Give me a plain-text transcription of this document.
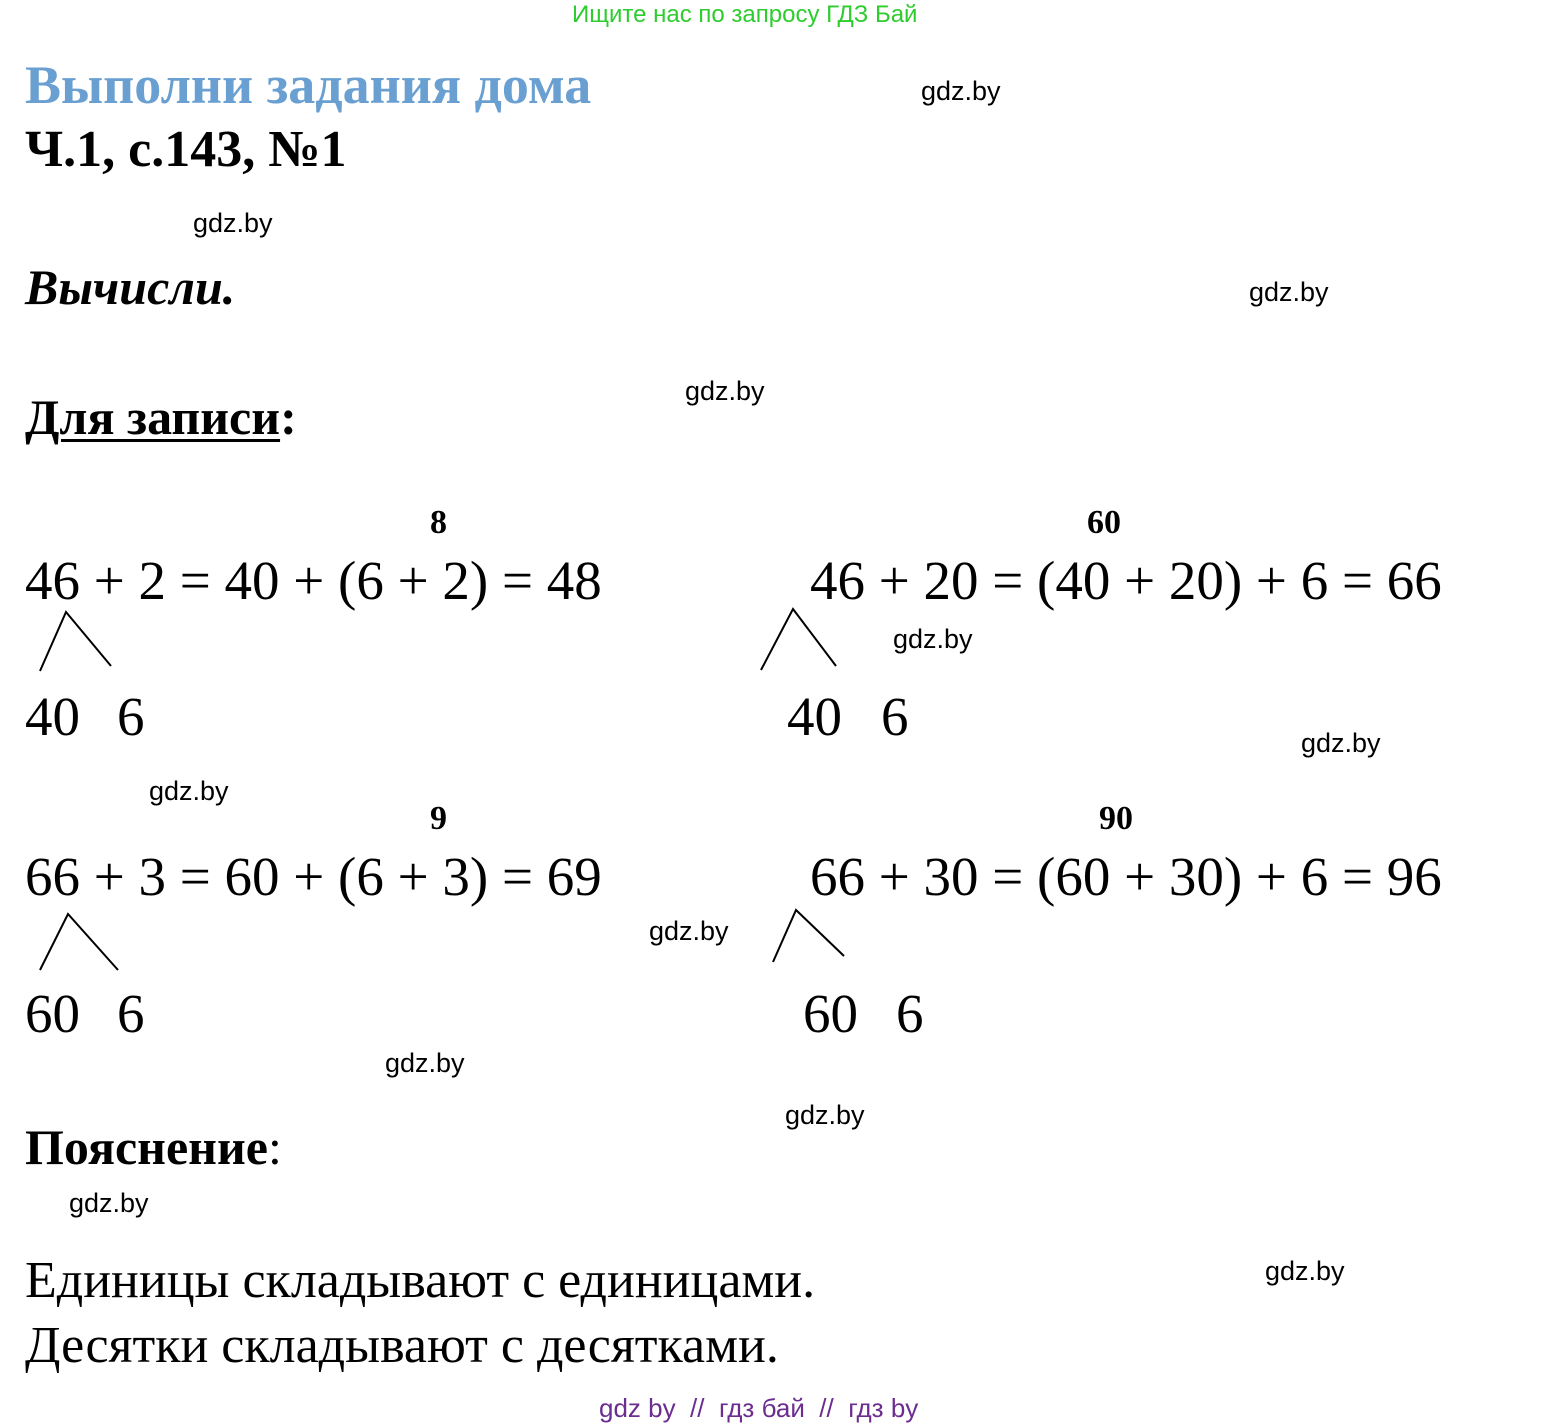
Ищите нас по запросу ГДЗ Бай
Выполни задания дома
Ч.1, с.143, №1
Вычисли.
Для записи:
8
46 + 2 = 40 + (6 + 2) = 48
40 6
60
46 + 20 = (40 + 20) + 6 = 66
40 6
9
66 + 3 = 60 + (6 + 3) = 69
60 6
90
66 + 30 = (60 + 30) + 6 = 96
60 6
Пояснение:
Единицы складывают с единицами.
Десятки складывают с десятками.
gdz.by
gdz.by
gdz.by
gdz.by
gdz.by
gdz.by
gdz.by
gdz.by
gdz.by
gdz.by
gdz.by
gdz.by
gdz by  //  гдз бай  //  гдз by
